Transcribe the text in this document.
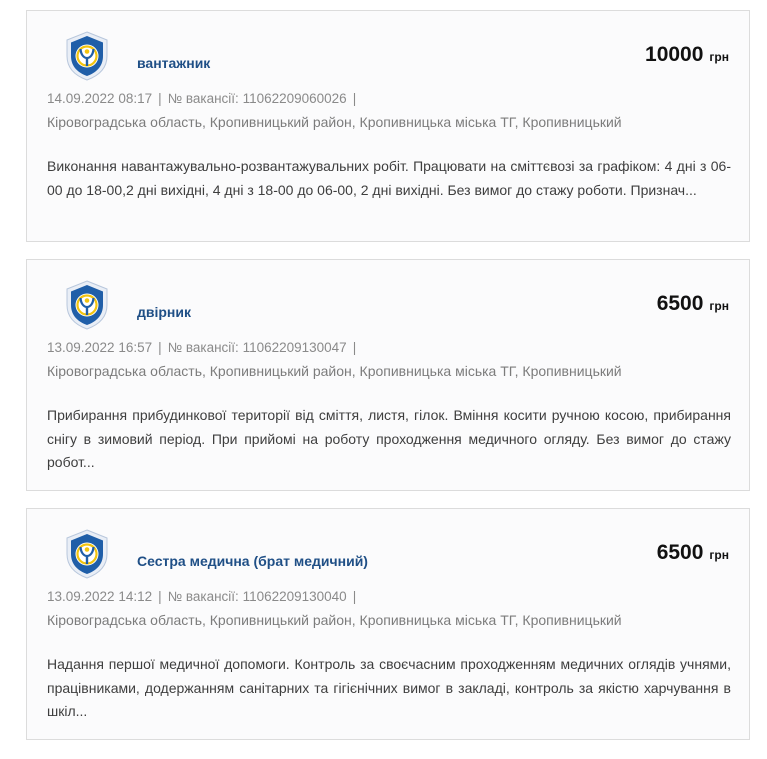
вантажник	10000 грн
14.09.2022 08:17 | № вакансії: 11062209060026 |
Кіровоградська область, Кропивницький район, Кропивницька міська ТГ, Кропивницький

Виконання навантажувально-розвантажувальних робіт. Працювати на сміттєвозі за графіком: 4 дні з 06-00 до 18-00,2 дні вихідні, 4 дні з 18-00 до 06-00, 2 дні вихідні. Без вимог до стажу роботи. Признач...

двірник	6500 грн
13.09.2022 16:57 | № вакансії: 11062209130047 |
Кіровоградська область, Кропивницький район, Кропивницька міська ТГ, Кропивницький

Прибирання прибудинкової території від сміття, листя, гілок. Вміння косити ручною косою, прибирання снігу в зимовий період. При прийомі на роботу проходження медичного огляду. Без вимог до стажу робот...

Сестра медична (брат медичний)	6500 грн
13.09.2022 14:12 | № вакансії: 11062209130040 |
Кіровоградська область, Кропивницький район, Кропивницька міська ТГ, Кропивницький

Надання першої медичної допомоги. Контроль за своєчасним проходженням медичних оглядів учнями, працівниками, додержанням санітарних та гігієнічних вимог в закладі, контроль за якістю харчування в шкіл...
